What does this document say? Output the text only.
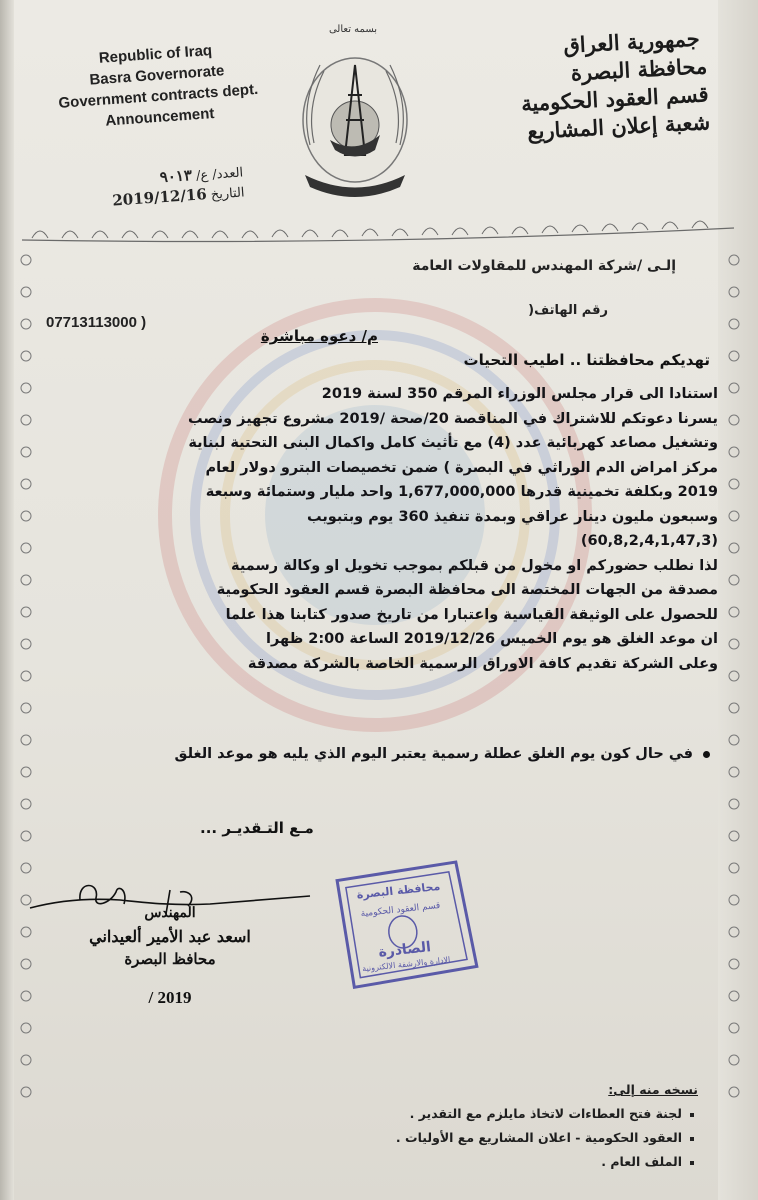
Republic of Iraq
Basra Governorate
Government contracts dept.
Announcement
جمهورية العراق
محافظة البصرة
قسم العقود الحكومية
شعبة إعلان المشاريع
بسمه تعالى
العدد/ ع/ ٩٠١٣
التاريخ 2019/12/16
إلـى /شركة المهندس للمقاولات العامة
رقم الهاتف(
07713113000 )
م/ دعوه مباشرة
تهديكم محافظتنا .. اطيب التحيات
استنادا الى قرار مجلس الوزراء المرقم 350 لسنة 2019
يسرنا دعوتكم للاشتراك في المناقصة 20/صحة /2019 مشروع تجهيز ونصب
وتشغيل مصاعد كهربائية عدد (4) مع تأثيث كامل واكمال البنى التحتية لبناية
مركز امراض الدم الوراثي في البصرة ) ضمن تخصيصات البترو دولار لعام
2019 وبكلفة تخمينية قدرها 1,677,000,000 واحد مليار وستمائة وسبعة
وسبعون مليون دينار عراقي وبمدة تنفيذ 360 يوم وبتبويب
(60,8,2,4,1,47,3)
لذا نطلب حضوركم او مخول من قبلكم بموجب تخويل او وكالة رسمية
مصدقة من الجهات المختصة الى محافظة البصرة قسم العقود الحكومية
للحصول على الوثيقة القياسية واعتبارا من تاريخ صدور كتابنا هذا علما
ان موعد الغلق هو يوم الخميس 2019/12/26 الساعة 2:00 ظهرا
وعلى الشركة تقديم كافة الاوراق الرسمية الخاصة بالشركة مصدقة
في حال كون يوم الغلق عطلة رسمية يعتبر اليوم الذي يليه هو موعد الغلق
مـع التـقديـر ...
المهندس
اسعد عبد الأمير ألعيداني
محافظ البصرة
2019 /
محافظة البصرة
قسم العقود الحكومية
الصادرة
الادارة والارشفة الالكترونية
نسخه منه إلى:
لجنة فتح العطاءات لاتخاذ مايلزم مع التقدير .
العقود الحكومية - اعلان المشاريع مع الأوليات .
الملف العام .
